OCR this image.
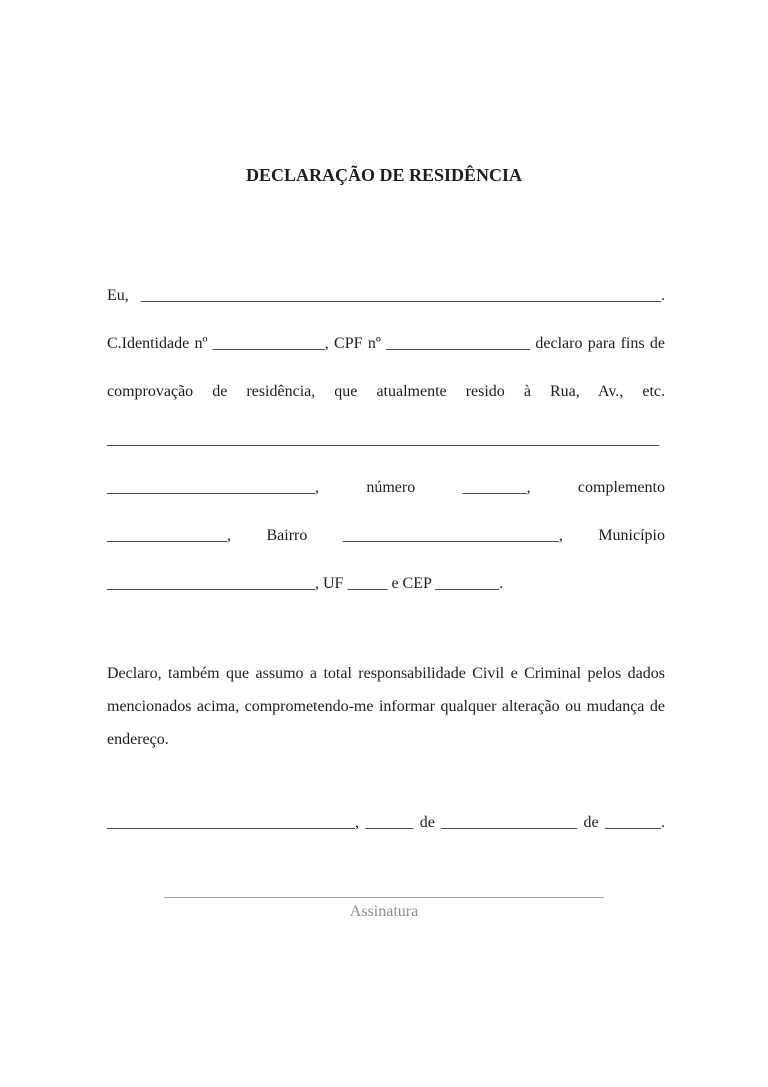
DECLARAÇÃO DE RESIDÊNCIA
Eu, _________________________________________________________________.
C.Identidade nº ______________, CPF nº __________________ declaro para fins de
comprovação de residência, que atualmente resido à Rua, Av., etc.
_____________________________________________________________________
__________________________, número ________, complemento
_______________, Bairro ___________________________, Município
__________________________, UF _____ e CEP ________.
Declaro, também que assumo a total responsabilidade Civil e Criminal pelos dados
mencionados acima, comprometendo-me informar qualquer alteração ou mudança de
endereço.
_______________________________, ______ de _________________ de _______.
_______________________________________________________
Assinatura
